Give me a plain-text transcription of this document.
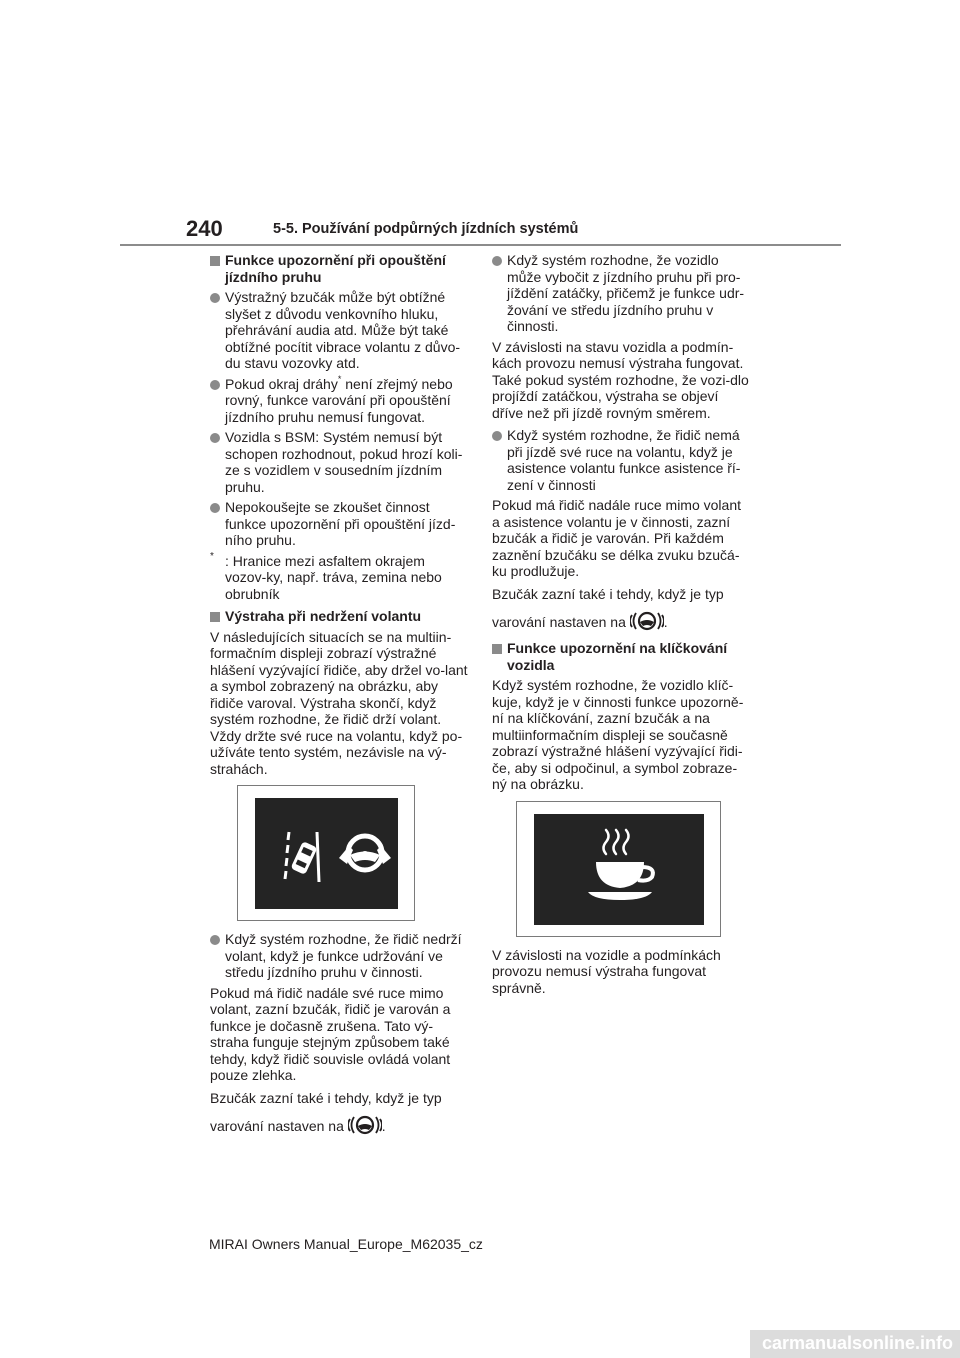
240	5-5. Používání podpůrných jízdních systémů
Funkce upozornění při opouštění jízdního pruhu
Výstražný bzučák může být obtížné slyšet z důvodu venkovního hluku, přehrávání audia atd. Může být také obtížné pocítit vibrace volantu z důvo-du stavu vozovky atd.
Pokud okraj dráhy* není zřejmý nebo rovný, funkce varování při opouštění jízdního pruhu nemusí fungovat.
Vozidla s BSM: Systém nemusí být schopen rozhodnout, pokud hrozí koli-ze s vozidlem v sousedním jízdním pruhu.
Nepokoušejte se zkoušet činnost funkce upozornění při opouštění jízd-ního pruhu.
* : Hranice mezi asfaltem okrajem vozov-ky, např. tráva, zemina nebo obrubník
Výstraha při nedržení volantu
V následujících situacích se na multiin-formačním displeji zobrazí výstražné hlášení vyzývající řidiče, aby držel vo-lant a symbol zobrazený na obrázku, aby řidiče varoval. Výstraha skončí, když systém rozhodne, že řidič drží volant. Vždy držte své ruce na volantu, když po-užíváte tento systém, nezávisle na vý-strahách.
Když systém rozhodne, že řidič nedrží volant, když je funkce udržování ve středu jízdního pruhu v činnosti.
Pokud má řidič nadále své ruce mimo volant, zazní bzučák, řidič je varován a funkce je dočasně zrušena. Tato vý-straha funguje stejným způsobem také tehdy, když řidič souvisle ovládá volant pouze zlehka.
Bzučák zazní také i tehdy, když je typ
varování nastaven na	.
Když systém rozhodne, že vozidlo může vybočit z jízdního pruhu při pro-jíždění zatáčky, přičemž je funkce udr-žování ve středu jízdního pruhu v činnosti.
V závislosti na stavu vozidla a podmín-kách provozu nemusí výstraha fungovat. Také pokud systém rozhodne, že vozi-dlo projíždí zatáčkou, výstraha se objeví dříve než při jízdě rovným směrem.
Když systém rozhodne, že řidič nemá při jízdě své ruce na volantu, když je asistence volantu funkce asistence ří-zení v činnosti
Pokud má řidič nadále ruce mimo volant a asistence volantu je v činnosti, zazní bzučák a řidič je varován. Při každém zaznění bzučáku se délka zvuku bzučá-ku prodlužuje.
Bzučák zazní také i tehdy, když je typ
varování nastaven na	.
Funkce upozornění na klíčkování vozidla
Když systém rozhodne, že vozidlo klíč-kuje, když je v činnosti funkce upozorně-ní na klíčkování, zazní bzučák a na multiinformačním displeji se současně zobrazí výstražné hlášení vyzývající řidi-če, aby si odpočinul, a symbol zobraze-ný na obrázku.
V závislosti na vozidle a podmínkách provozu nemusí výstraha fungovat správně.
MIRAI Owners Manual_Europe_M62035_cz
carmanualsonline.info
